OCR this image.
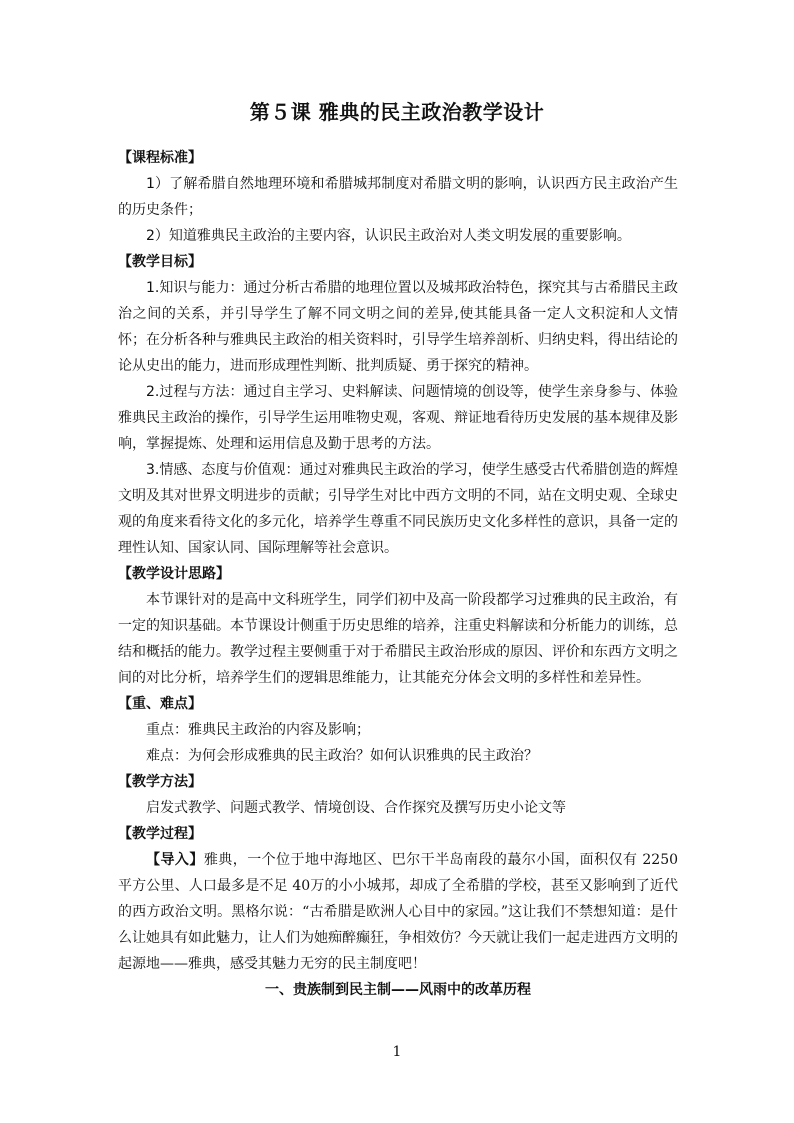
第５课 雅典的民主政治教学设计

【课程标准】

1）了解希腊自然地理环境和希腊城邦制度对希腊文明的影响，认识西方民主政治产生的历史条件；

2）知道雅典民主政治的主要内容，认识民主政治对人类文明发展的重要影响。

【教学目标】

1.知识与能力：通过分析古希腊的地理位置以及城邦政治特色，探究其与古希腊民主政治之间的关系，并引导学生了解不同文明之间的差异,使其能具备一定人文积淀和人文情怀；在分析各种与雅典民主政治的相关资料时，引导学生培养剖析、归纳史料，得出结论的论从史出的能力，进而形成理性判断、批判质疑、勇于探究的精神。

2.过程与方法：通过自主学习、史料解读、问题情境的创设等，使学生亲身参与、体验雅典民主政治的操作，引导学生运用唯物史观，客观、辩证地看待历史发展的基本规律及影响，掌握提炼、处理和运用信息及勤于思考的方法。

3.情感、态度与价值观：通过对雅典民主政治的学习，使学生感受古代希腊创造的辉煌文明及其对世界文明进步的贡献；引导学生对比中西方文明的不同，站在文明史观、全球史观的角度来看待文化的多元化，培养学生尊重不同民族历史文化多样性的意识，具备一定的理性认知、国家认同、国际理解等社会意识。

【教学设计思路】

本节课针对的是高中文科班学生，同学们初中及高一阶段都学习过雅典的民主政治，有一定的知识基础。本节课设计侧重于历史思维的培养，注重史料解读和分析能力的训练，总结和概括的能力。教学过程主要侧重于对于希腊民主政治形成的原因、评价和东西方文明之间的对比分析，培养学生们的逻辑思维能力，让其能充分体会文明的多样性和差异性。

【重、难点】

重点：雅典民主政治的内容及影响；

难点：为何会形成雅典的民主政治？如何认识雅典的民主政治？

【教学方法】

启发式教学、问题式教学、情境创设、合作探究及撰写历史小论文等

【教学过程】

【导入】雅典，一个位于地中海地区、巴尔干半岛南段的蕞尔小国，面积仅有 2250 平方公里、人口最多是不足 40万的小小城邦，却成了全希腊的学校，甚至又影响到了近代的西方政治文明。黑格尔说：“古希腊是欧洲人心目中的家园。”这让我们不禁想知道：是什么让她具有如此魅力，让人们为她痴醉癫狂，争相效仿？今天就让我们一起走进西方文明的起源地——雅典，感受其魅力无穷的民主制度吧！

一、贵族制到民主制——风雨中的改革历程

1
